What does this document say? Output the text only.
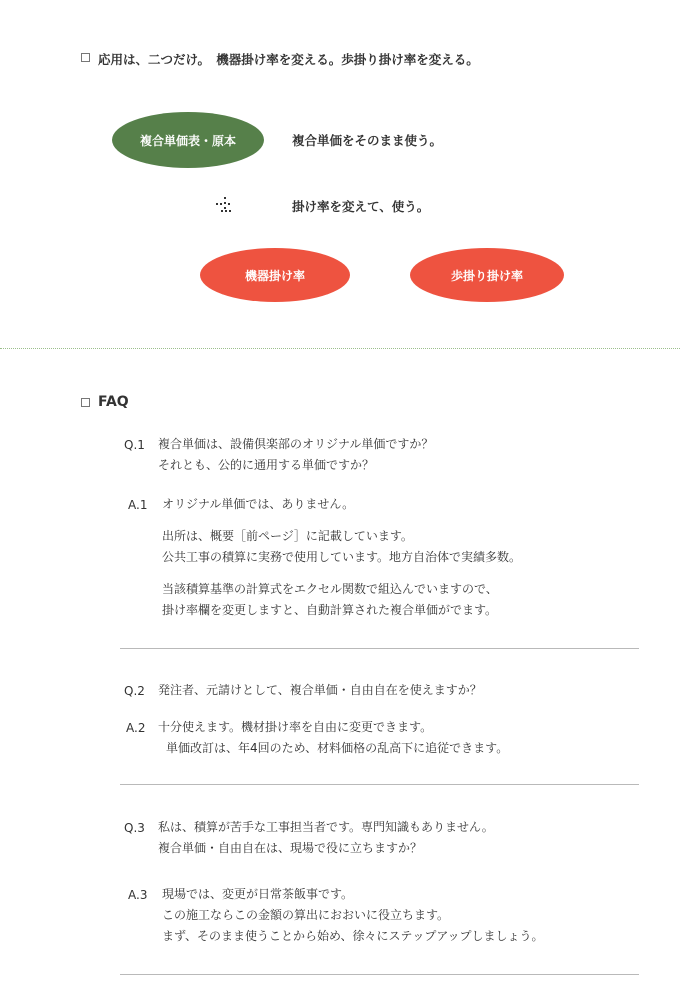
応用は、二つだけ。　機器掛け率を変える。歩掛り掛け率を変える。
複合単価表・原本	複合単価をそのまま使う。
掛け率を変えて、使う。
機器掛け率	歩掛り掛け率
FAQ
Q.1 複合単価は、設備倶楽部のオリジナル単価ですか？
それとも、公的に通用する単価ですか？
A.1 オリジナル単価では、ありません。
出所は、概要［前ページ］に記載しています。
公共工事の積算に実務で使用しています。地方自治体で実績多数。
当該積算基準の計算式をエクセル関数で組込んでいますので、
掛け率欄を変更しますと、自動計算された複合単価がでます。
Q.2 発注者、元請けとして、複合単価・自由自在を使えますか？
A.2 十分使えます。機材掛け率を自由に変更できます。
単価改訂は、年4回のため、材料価格の乱高下に追従できます。
Q.3 私は、積算が苦手な工事担当者です。専門知識もありません。
複合単価・自由自在は、現場で役に立ちますか？
A.3 現場では、変更が日常茶飯事です。
この施工ならこの金額の算出におおいに役立ちます。
まず、そのまま使うことから始め、徐々にステップアップしましょう。
